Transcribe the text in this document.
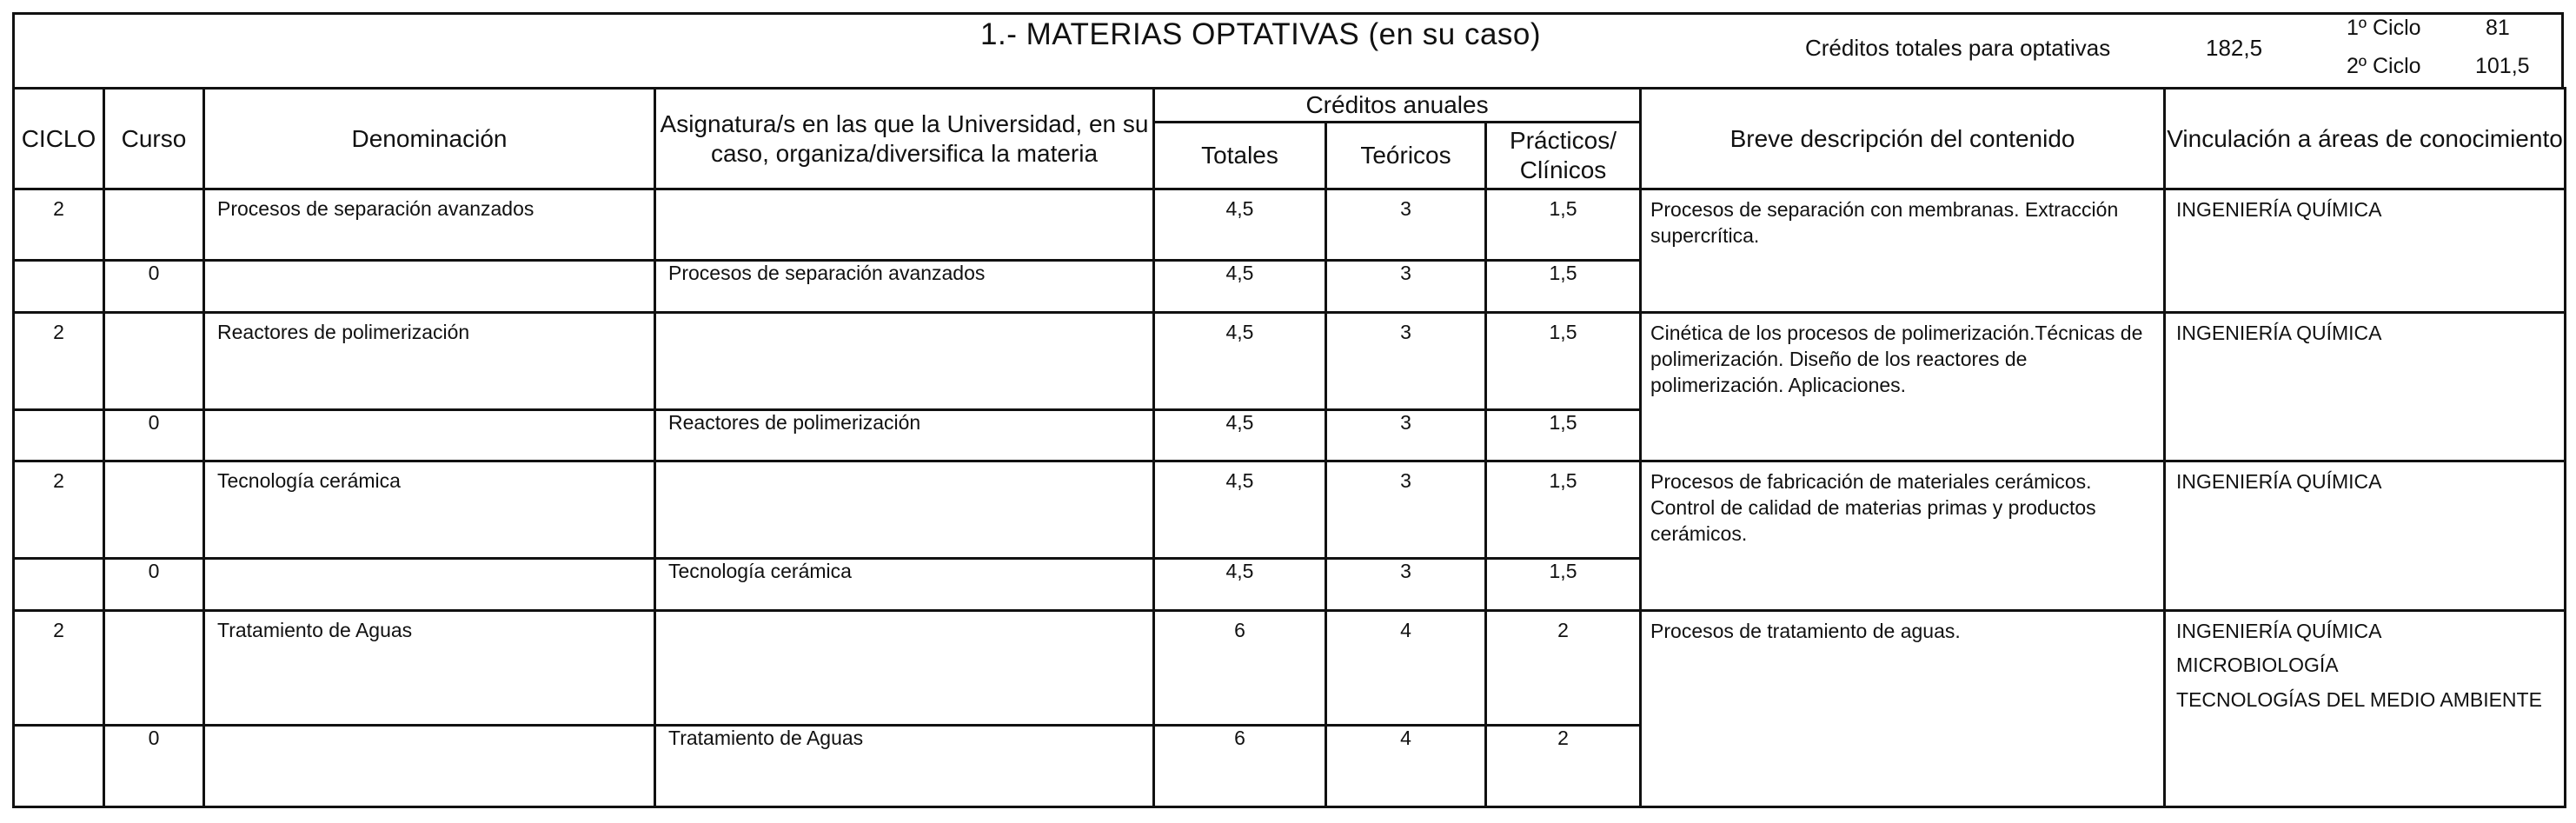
1.- MATERIAS OPTATIVAS (en su caso)	Créditos totales para optativas	182,5
1º Ciclo	81
2º Ciclo 101,5
CICLO	Curso	Denominación	Asignatura/s en las que la Universidad, en su caso, organiza/diversifica la materia	Créditos anuales			Breve descripción del contenido	Vinculación a áreas de conocimiento
				Totales	Teóricos	Prácticos/ Clínicos		
2		Procesos de separación avanzados		4,5	3	1,5	Procesos de separación con membranas. Extracción supercrítica.	INGENIERÍA QUÍMICA

	0		Procesos de separación avanzados	4,5	3	1,5		
2		Reactores de polimerización		4,5	3	1,5	Cinética de los procesos de polimerización.Técnicas de polimerización. Diseño de los reactores de polimerización. Aplicaciones.	INGENIERÍA QUÍMICA

	0		Reactores de polimerización	4,5	3	1,5		
2		Tecnología cerámica		4,5	3	1,5	Procesos de fabricación de materiales cerámicos. Control de calidad de materias primas y productos cerámicos.	INGENIERÍA QUÍMICA

	0		Tecnología cerámica	4,5	3	1,5		
2		Tratamiento de Aguas		6	4	2	Procesos de tratamiento de aguas.	INGENIERÍA QUÍMICA
MICROBIOLOGÍA
TECNOLOGÍAS DEL MEDIO AMBIENTE

	0		Tratamiento de Aguas	6	4	2		
